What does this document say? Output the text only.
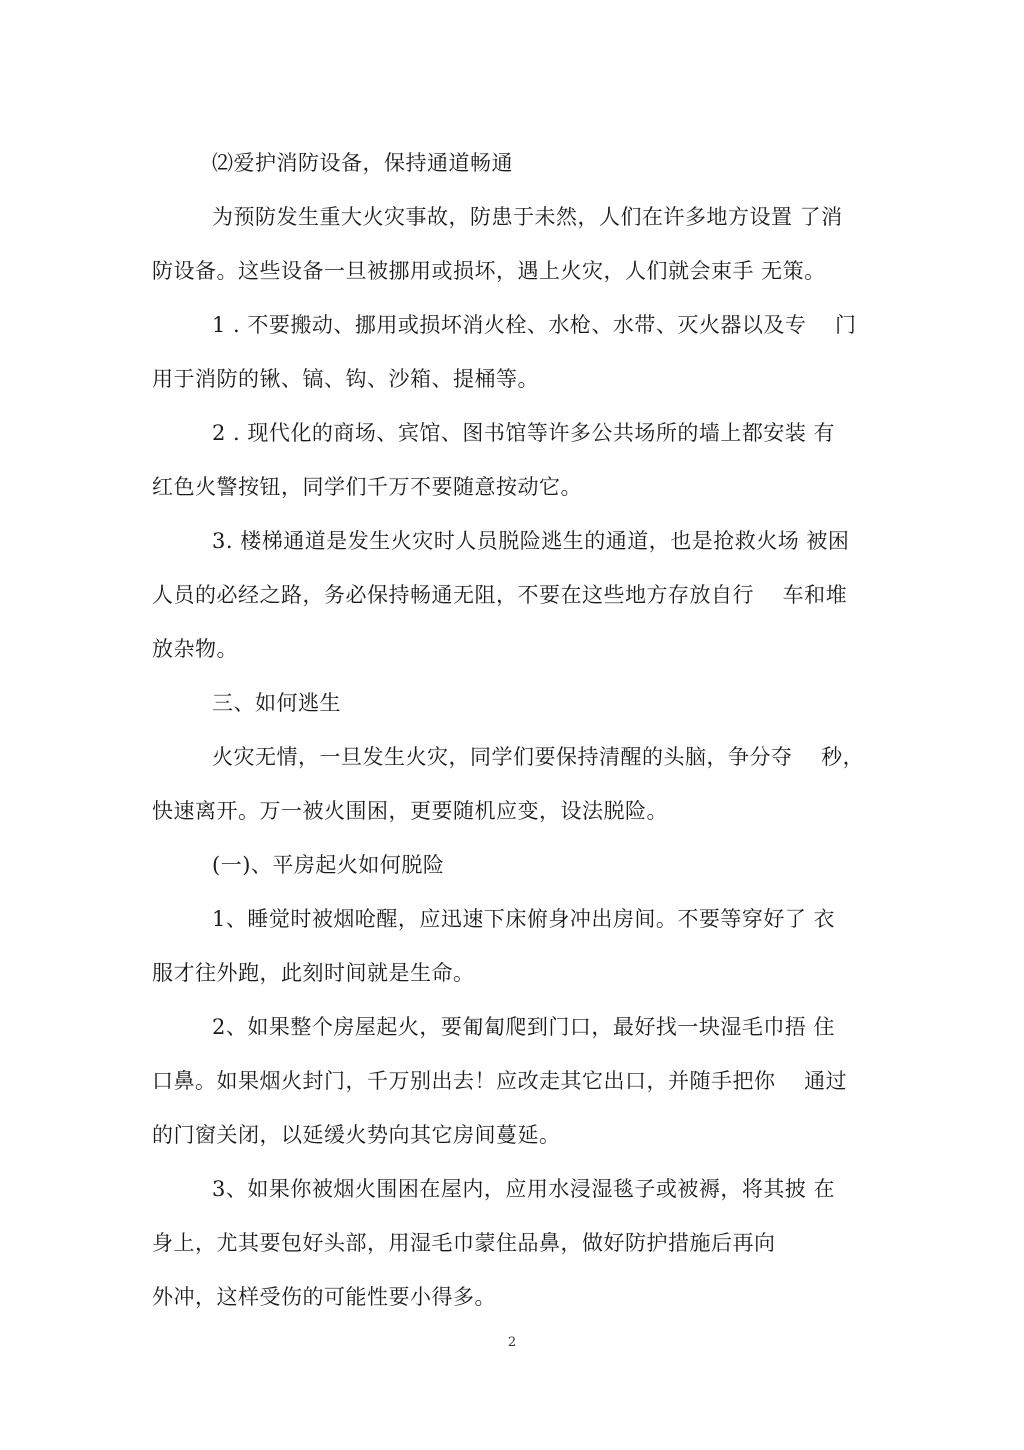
⑵爱护消防设备，保持通道畅通
为预防发生重大火灾事故，防患于未然，人们在许多地方设置 了消
防设备。这些设备一旦被挪用或损坏，遇上火灾，人们就会束手 无策。
1 . 不要搬动、挪用或损坏消火栓、水枪、水带、灭火器以及专 　门
用于消防的锹、镐、钩、沙箱、提桶等。
2 . 现代化的商场、宾馆、图书馆等许多公共场所的墙上都安装 有
红色火警按钮，同学们千万不要随意按动它。
3. 楼梯通道是发生火灾时人员脱险逃生的通道，也是抢救火场 被困
人员的必经之路，务必保持畅通无阻，不要在这些地方存放自行 　车和堆
放杂物。
三、如何逃生
火灾无情，一旦发生火灾，同学们要保持清醒的头脑，争分夺 　秒，
快速离开。万一被火围困，更要随机应变，设法脱险。
(一)、平房起火如何脱险
1、睡觉时被烟呛醒，应迅速下床俯身冲出房间。不要等穿好了 衣
服才往外跑，此刻时间就是生命。
2、如果整个房屋起火，要匍匐爬到门口，最好找一块湿毛巾捂 住
口鼻。如果烟火封门，千万别出去！应改走其它出口，并随手把你 　通过
的门窗关闭，以延缓火势向其它房间蔓延。
3、如果你被烟火围困在屋内，应用水浸湿毯子或被褥，将其披 在
身上，尤其要包好头部，用湿毛巾蒙住品鼻，做好防护措施后再向
外冲，这样受伤的可能性要小得多。
2
